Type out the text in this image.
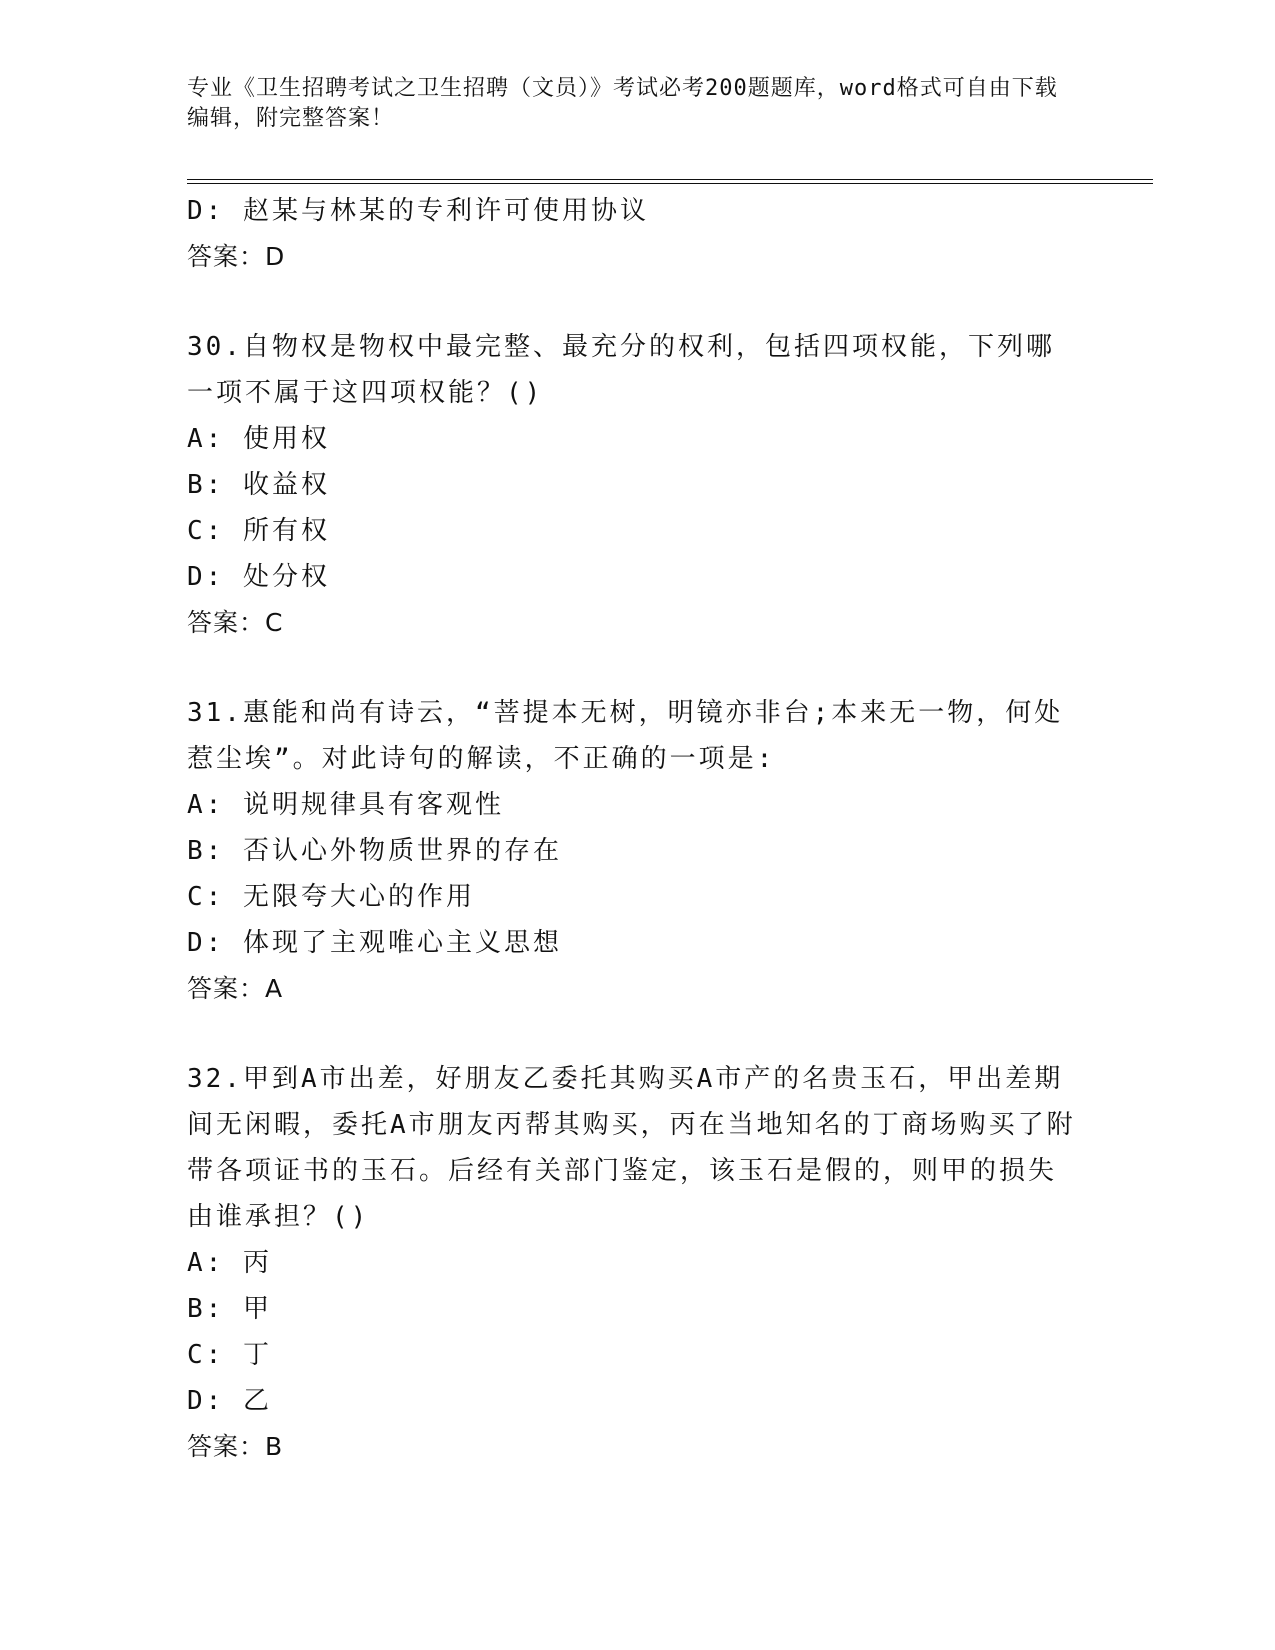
专业《卫生招聘考试之卫生招聘（文员）》考试必考200题题库，word格式可自由下载编辑，附完整答案！
D: 赵某与林某的专利许可使用协议
答案：D
30.自物权是物权中最完整、最充分的权利，包括四项权能，下列哪一项不属于这四项权能？()
A: 使用权
B: 收益权
C: 所有权
D: 处分权
答案：C
31.惠能和尚有诗云，“菩提本无树，明镜亦非台;本来无一物，何处惹尘埃”。对此诗句的解读，不正确的一项是:
A: 说明规律具有客观性
B: 否认心外物质世界的存在
C: 无限夸大心的作用
D: 体现了主观唯心主义思想
答案：A
32.甲到A市出差，好朋友乙委托其购买A市产的名贵玉石，甲出差期间无闲暇，委托A市朋友丙帮其购买，丙在当地知名的丁商场购买了附带各项证书的玉石。后经有关部门鉴定，该玉石是假的，则甲的损失由谁承担？()
A: 丙
B: 甲
C: 丁
D: 乙
答案：B
